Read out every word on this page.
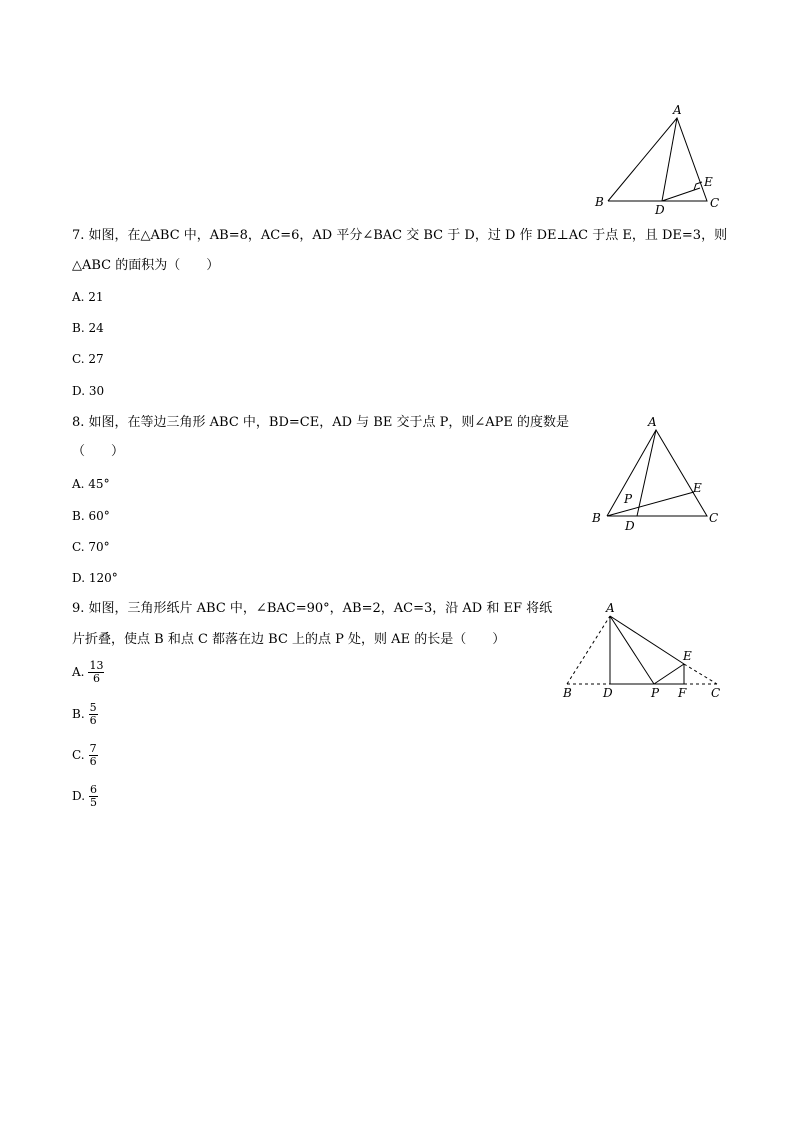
A
B	C
D
E
7. 如图，在△ABC 中，AB=8，AC=6，AD 平分∠BAC 交 BC 于 D，过 D 作 DE⊥AC 于点 E，且 DE=3，则
△ABC 的面积为（　　）
A. 21
B. 24
C. 27
D. 30
A
B	C
D
E
P
8. 如图，在等边三角形 ABC 中，BD=CE，AD 与 BE 交于点 P，则∠APE 的度数是
（　　）
A. 45°
B. 60°
C. 70°
D. 120°
A
B	C
D
E
F
P
9. 如图，三角形纸片 ABC 中，∠BAC=90°，AB=2，AC=3，沿 AD 和 EF 将纸
片折叠，使点 B 和点 C 都落在边 BC 上的点 P 处，则 AE 的长是（　　）
A. $\frac{13}{6}$
B. $\frac{5}{6}$
C. $\frac{7}{6}$
D. $\frac{6}{5}$
